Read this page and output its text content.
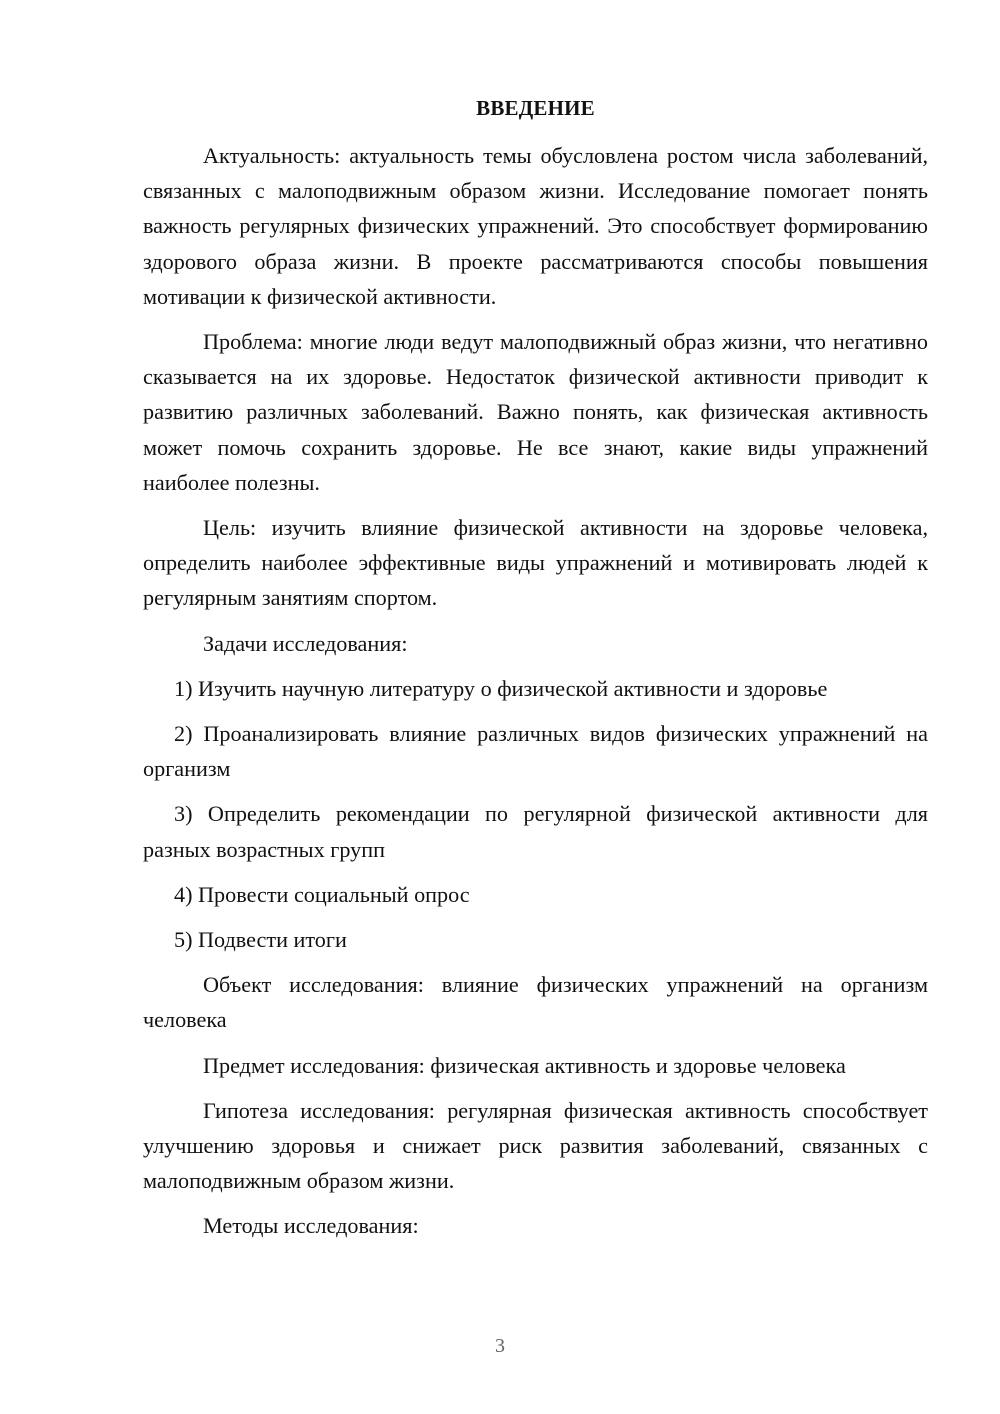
ВВЕДЕНИЕ

Актуальность: актуальность темы обусловлена ростом числа заболеваний, связанных с малоподвижным образом жизни. Исследование помогает понять важность регулярных физических упражнений. Это способствует формированию здорового образа жизни. В проекте рассматриваются способы повышения мотивации к физической активности.

Проблема: многие люди ведут малоподвижный образ жизни, что негативно сказывается на их здоровье. Недостаток физической активности приводит к развитию различных заболеваний. Важно понять, как физическая активность может помочь сохранить здоровье. Не все знают, какие виды упражнений наиболее полезны.

Цель: изучить влияние физической активности на здоровье человека, определить наиболее эффективные виды упражнений и мотивировать людей к регулярным занятиям спортом.

Задачи исследования:

1) Изучить научную литературу о физической активности и здоровье

2) Проанализировать влияние различных видов физических упражнений на организм

3) Определить рекомендации по регулярной физической активности для разных возрастных групп

4) Провести социальный опрос

5) Подвести итоги

Объект исследования: влияние физических упражнений на организм человека

Предмет исследования: физическая активность и здоровье человека

Гипотеза исследования: регулярная физическая активность способствует улучшению здоровья и снижает риск развития заболеваний, связанных с малоподвижным образом жизни.

Методы исследования:

3
